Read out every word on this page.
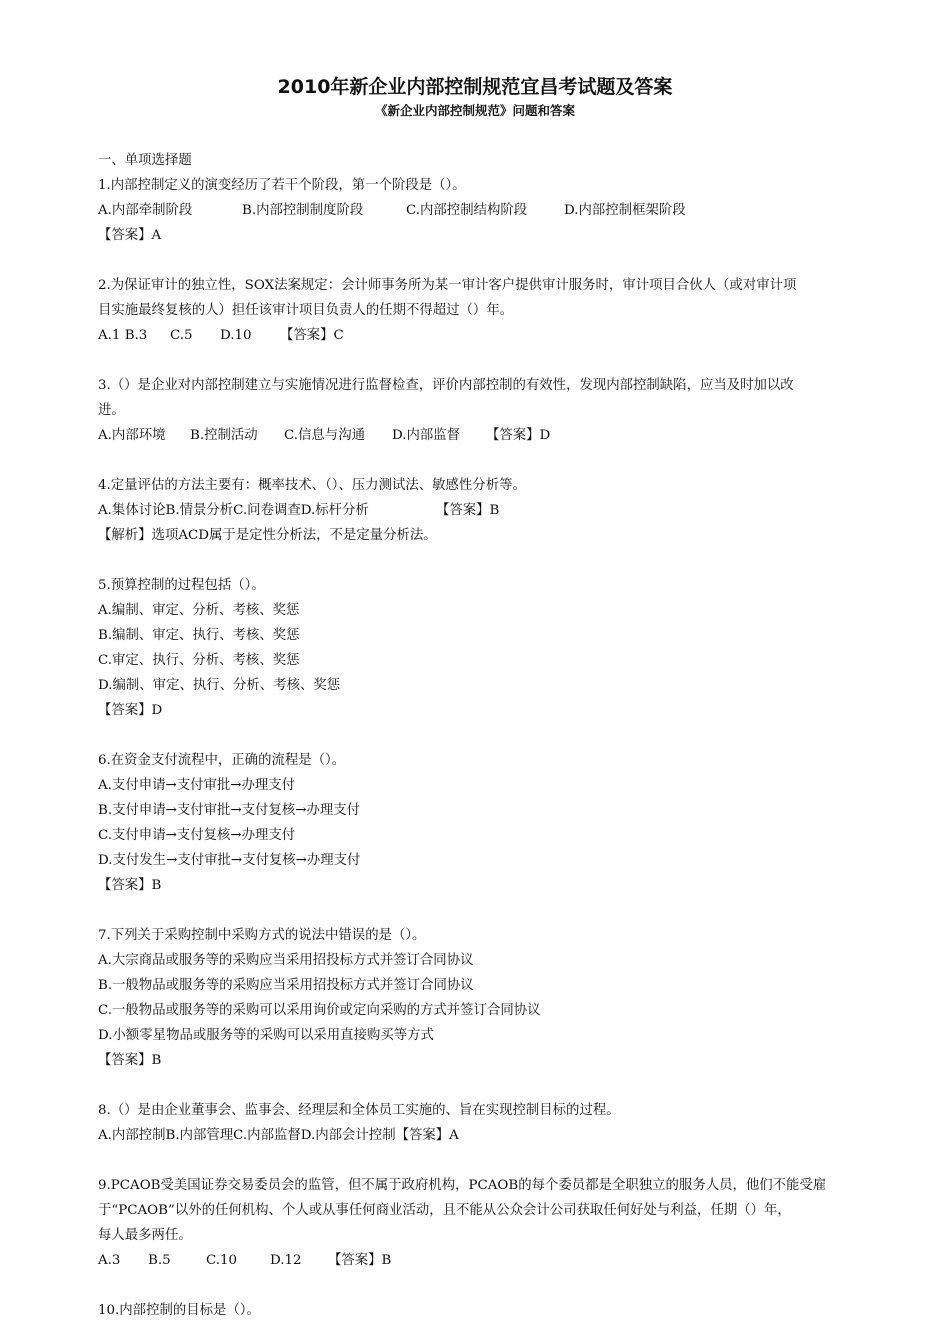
2010年新企业内部控制规范宜昌考试题及答案
《新企业内部控制规范》问题和答案
一、单项选择题
1.内部控制定义的演变经历了若干个阶段，第一个阶段是（）。
A.内部牵制阶段	B.内部控制制度阶段	C.内部控制结构阶段	D.内部控制框架阶段
【答案】A
2.为保证审计的独立性，SOX法案规定：会计师事务所为某一审计客户提供审计服务时，审计项目合伙人（或对审计项
目实施最终复核的人）担任该审计项目负责人的任期不得超过（）年。
A.1 B.3 C.5 D.10 【答案】C
3.（）是企业对内部控制建立与实施情况进行监督检查，评价内部控制的有效性，发现内部控制缺陷，应当及时加以改
进。
A.内部环境 B.控制活动 C.信息与沟通 D.内部监督 【答案】D
4.定量评估的方法主要有：概率技术、（）、压力测试法、敏感性分析等。
A.集体讨论B.情景分析C.问卷调查D.标杆分析	【答案】B
【解析】选项ACD属于是定性分析法，不是定量分析法。
5.预算控制的过程包括（）。
A.编制、审定、分析、考核、奖惩
B.编制、审定、执行、考核、奖惩
C.审定、执行、分析、考核、奖惩
D.编制、审定、执行、分析、考核、奖惩
【答案】D
6.在资金支付流程中，正确的流程是（）。
A.支付申请→支付审批→办理支付
B.支付申请→支付审批→支付复核→办理支付
C.支付申请→支付复核→办理支付
D.支付发生→支付审批→支付复核→办理支付
【答案】B
7.下列关于采购控制中采购方式的说法中错误的是（）。
A.大宗商品或服务等的采购应当采用招投标方式并签订合同协议
B.一般物品或服务等的采购应当采用招投标方式并签订合同协议
C.一般物品或服务等的采购可以采用询价或定向采购的方式并签订合同协议
D.小额零星物品或服务等的采购可以采用直接购买等方式
【答案】B
8.（）是由企业董事会、监事会、经理层和全体员工实施的、旨在实现控制目标的过程。
A.内部控制B.内部管理C.内部监督D.内部会计控制【答案】A
9.PCAOB受美国证券交易委员会的监管，但不属于政府机构，PCAOB的每个委员都是全职独立的服务人员，他们不能受雇
于“PCAOB”以外的任何机构、个人或从事任何商业活动，且不能从公众会计公司获取任何好处与利益，任期（）年，
每人最多两任。
A.3 B.5	C.10 D.12 【答案】B
10.内部控制的目标是（）。
